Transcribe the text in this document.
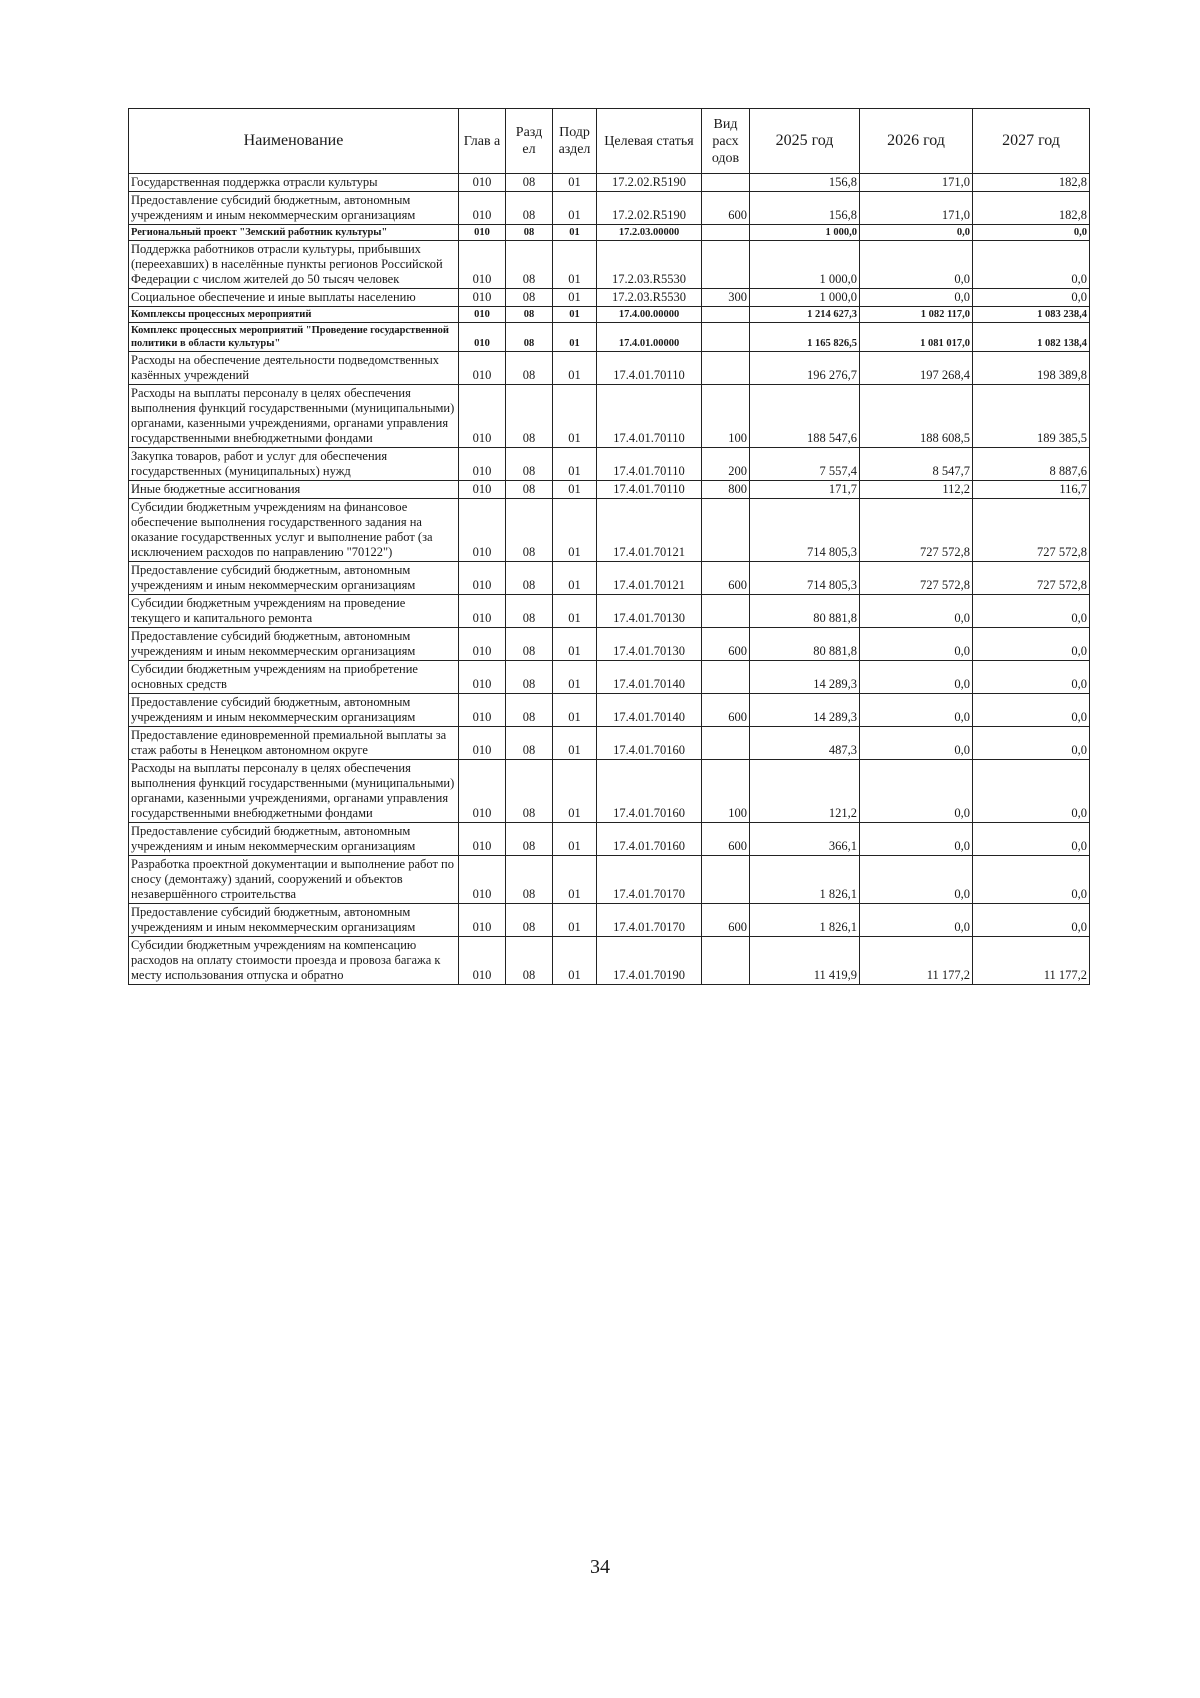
Наименование	Глав а	Разд ел	Подр аздел	Целевая статья	Вид расх одов	2025 год	2026 год	2027 год
Государственная поддержка отрасли культуры	010	08	01	17.2.02.R5190		156,8	171,0	182,8
Предоставление субсидий бюджетным, автономным учреждениям и иным некоммерческим организациям	010	08	01	17.2.02.R5190	600	156,8	171,0	182,8
Региональный проект "Земский работник культуры"	010	08	01	17.2.03.00000		1 000,0	0,0	0,0
Поддержка работников отрасли культуры, прибывших (переехавших) в населённые пункты регионов Российской Федерации с числом жителей до 50 тысяч человек	010	08	01	17.2.03.R5530		1 000,0	0,0	0,0
Социальное обеспечение и иные выплаты населению	010	08	01	17.2.03.R5530	300	1 000,0	0,0	0,0
Комплексы процессных мероприятий	010	08	01	17.4.00.00000		1 214 627,3	1 082 117,0	1 083 238,4
Комплекс процессных мероприятий "Проведение государственной политики в области культуры"	010	08	01	17.4.01.00000		1 165 826,5	1 081 017,0	1 082 138,4
Расходы на обеспечение деятельности подведомственных казённых учреждений	010	08	01	17.4.01.70110		196 276,7	197 268,4	198 389,8
Расходы на выплаты персоналу в целях обеспечения выполнения функций государственными (муниципальными) органами, казенными учреждениями, органами управления государственными внебюджетными фондами	010	08	01	17.4.01.70110	100	188 547,6	188 608,5	189 385,5
Закупка товаров, работ и услуг для обеспечения государственных (муниципальных) нужд	010	08	01	17.4.01.70110	200	7 557,4	8 547,7	8 887,6
Иные бюджетные ассигнования	010	08	01	17.4.01.70110	800	171,7	112,2	116,7
Субсидии бюджетным учреждениям на финансовое обеспечение выполнения государственного задания на оказание государственных услуг и выполнение работ (за исключением расходов по направлению "70122")	010	08	01	17.4.01.70121		714 805,3	727 572,8	727 572,8
Предоставление субсидий бюджетным, автономным учреждениям и иным некоммерческим организациям	010	08	01	17.4.01.70121	600	714 805,3	727 572,8	727 572,8
Субсидии бюджетным учреждениям на проведение текущего и капитального ремонта	010	08	01	17.4.01.70130		80 881,8	0,0	0,0
Предоставление субсидий бюджетным, автономным учреждениям и иным некоммерческим организациям	010	08	01	17.4.01.70130	600	80 881,8	0,0	0,0
Субсидии бюджетным учреждениям на приобретение основных средств	010	08	01	17.4.01.70140		14 289,3	0,0	0,0
Предоставление субсидий бюджетным, автономным учреждениям и иным некоммерческим организациям	010	08	01	17.4.01.70140	600	14 289,3	0,0	0,0
Предоставление единовременной премиальной выплаты за стаж работы в Ненецком автономном округе	010	08	01	17.4.01.70160		487,3	0,0	0,0
Расходы на выплаты персоналу в целях обеспечения выполнения функций государственными (муниципальными) органами, казенными учреждениями, органами управления государственными внебюджетными фондами	010	08	01	17.4.01.70160	100	121,2	0,0	0,0
Предоставление субсидий бюджетным, автономным учреждениям и иным некоммерческим организациям	010	08	01	17.4.01.70160	600	366,1	0,0	0,0
Разработка проектной документации и выполнение работ по сносу (демонтажу) зданий, сооружений и объектов незавершённого строительства	010	08	01	17.4.01.70170		1 826,1	0,0	0,0
Предоставление субсидий бюджетным, автономным учреждениям и иным некоммерческим организациям	010	08	01	17.4.01.70170	600	1 826,1	0,0	0,0
Субсидии бюджетным учреждениям на компенсацию расходов на оплату стоимости проезда и провоза багажа к месту использования отпуска и обратно	010	08	01	17.4.01.70190		11 419,9	11 177,2	11 177,2
34
